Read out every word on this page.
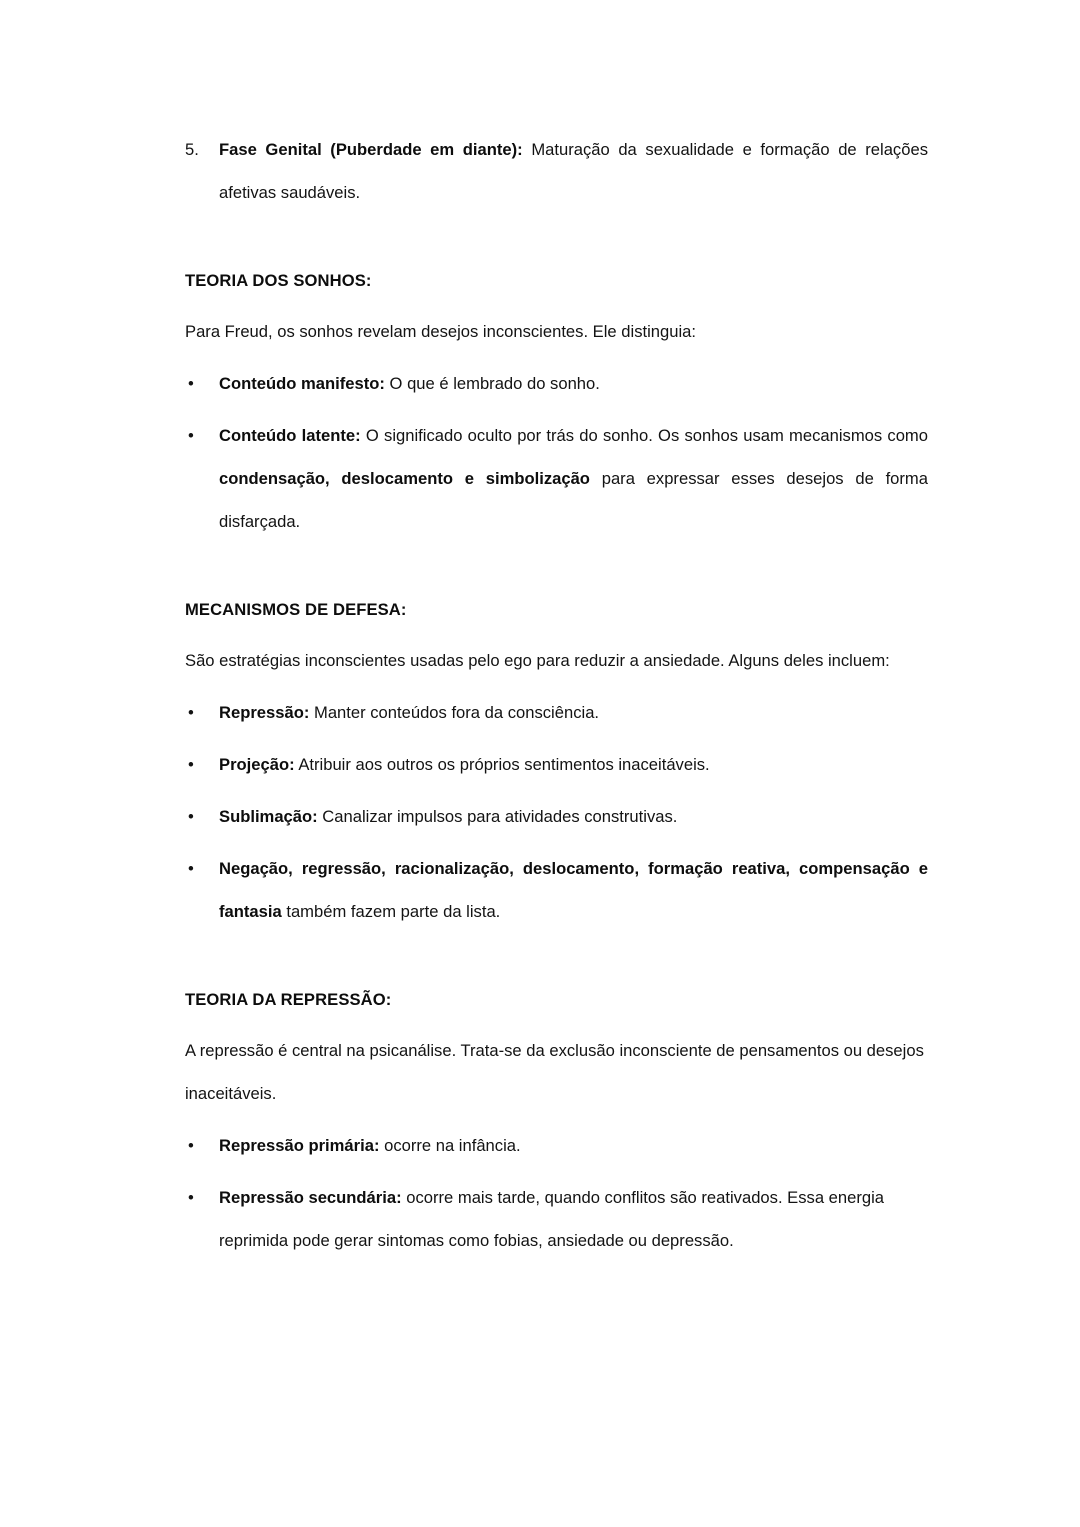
5.	Fase Genital (Puberdade em diante): Maturação da sexualidade e formação de relações afetivas saudáveis.

TEORIA DOS SONHOS:

Para Freud, os sonhos revelam desejos inconscientes. Ele distinguia:

• Conteúdo manifesto: O que é lembrado do sonho.

• Conteúdo latente: O significado oculto por trás do sonho. Os sonhos usam mecanismos como condensação, deslocamento e simbolização para expressar esses desejos de forma disfarçada.

MECANISMOS DE DEFESA:

São estratégias inconscientes usadas pelo ego para reduzir a ansiedade. Alguns deles incluem:

• Repressão: Manter conteúdos fora da consciência.

• Projeção: Atribuir aos outros os próprios sentimentos inaceitáveis.

• Sublimação: Canalizar impulsos para atividades construtivas.

• Negação, regressão, racionalização, deslocamento, formação reativa, compensação e fantasia também fazem parte da lista.

TEORIA DA REPRESSÃO:

A repressão é central na psicanálise. Trata-se da exclusão inconsciente de pensamentos ou desejos inaceitáveis.

• Repressão primária: ocorre na infância.

• Repressão secundária: ocorre mais tarde, quando conflitos são reativados. Essa energia reprimida pode gerar sintomas como fobias, ansiedade ou depressão.
